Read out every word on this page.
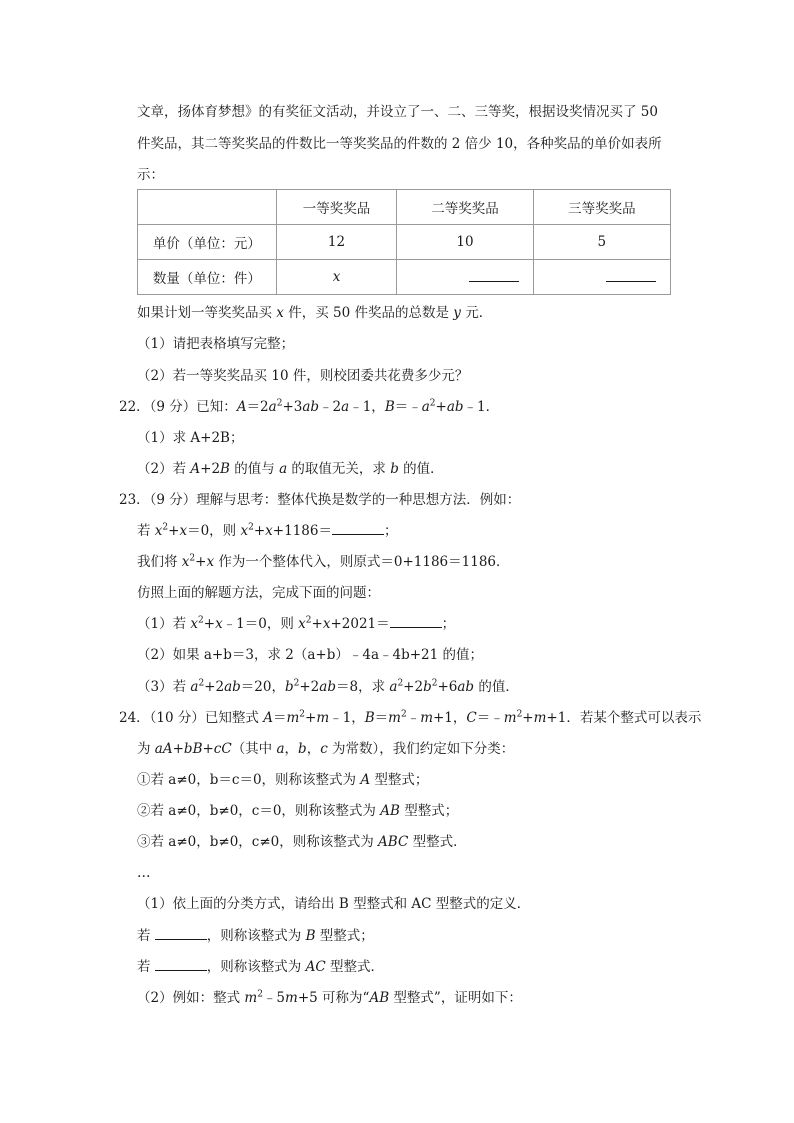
文章，扬体育梦想》的有奖征文活动，并设立了一、二、三等奖，根据设奖情况买了 50
件奖品，其二等奖奖品的件数比一等奖奖品的件数的 2 倍少 10，各种奖品的单价如表所
示：
	一等奖奖品	二等奖奖品	三等奖奖品
单价（单位：元）	12	10	5
数量（单位：件）	x		
如果计划一等奖奖品买 x 件，买 50 件奖品的总数是 y 元．
（1）请把表格填写完整；
（2）若一等奖奖品买 10 件，则校团委共花费多少元？
22．（9 分）已知：$A=2a^2+3ab﹣2a﹣1$，$B=﹣a^2+ab﹣1$．
（1）求 A+2B；
（2）若 A+2B 的值与 a 的取值无关，求 b 的值．
23．（9 分）理解与思考：整体代换是数学的一种思想方法．例如：
若 $x^2+x=0$，则 $x^2+x+1186=$	；
我们将 $x^2+x$ 作为一个整体代入，则原式＝0+1186＝1186．
仿照上面的解题方法，完成下面的问题：
（1）若 $x^2+x﹣1=0$，则 $x^2+x+2021=$	；
（2）如果 a+b＝3，求 2（a+b）﹣4a﹣4b+21 的值；
（3）若 $a^2+2ab=20$，$b^2+2ab=8$，求 $a^2+2b^2+6ab$ 的值．
24．（10 分）已知整式 $A=m^2+m﹣1$，$B=m^2﹣m+1$，$C=﹣m^2+m+1$．若某个整式可以表示
为 aA+bB+cC（其中 a，b，c 为常数），我们约定如下分类：
①若 a≠0，b＝c＝0，则称该整式为 A 型整式；
②若 a≠0，b≠0，c＝0，则称该整式为 AB 型整式；
③若 a≠0，b≠0，c≠0，则称该整式为 ABC 型整式．
…
（1）依上面的分类方式，请给出 B 型整式和 AC 型整式的定义．
若	，则称该整式为 B 型整式；
若	，则称该整式为 AC 型整式．
（2）例如：整式 $m^2﹣5m+5$ 可称为“AB 型整式”，证明如下：
